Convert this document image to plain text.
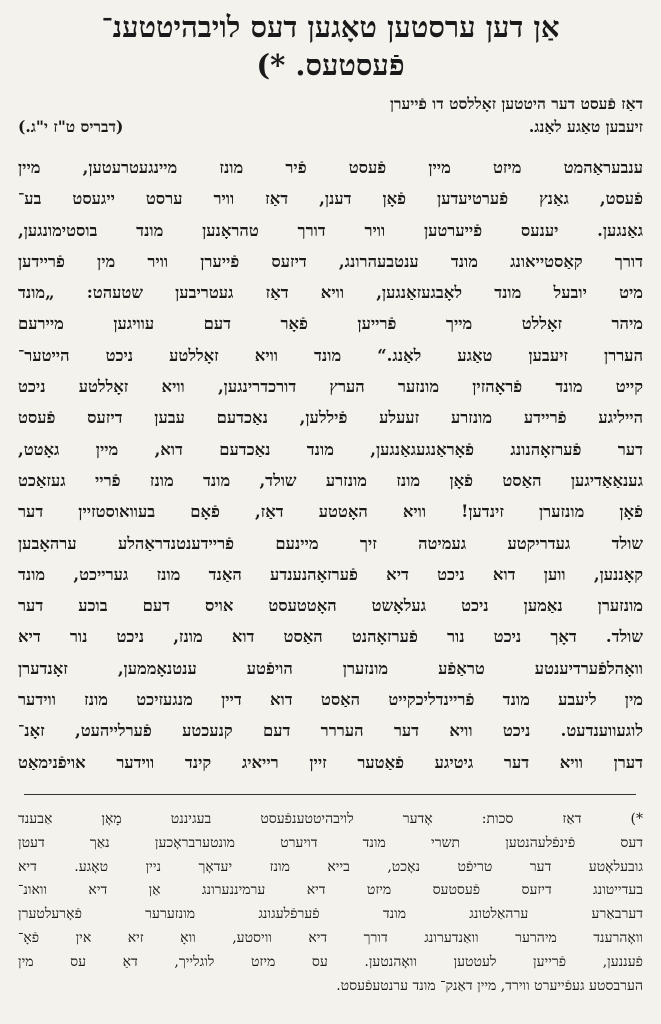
אַן דען ערסטען טאָגען דעס לויבהיטטענ־
פֿעסטעס. *)
דאַז פֿעסט דער היטטען זאָללסט דו פֿייערן
זיעבען טאַגע לאַנג.
(דבריס ט"ז י"ג.)
ענבעראַהמט מיזט מיין פֿעסט פֿיר מונז מיינגעטרעטען, מיין
פֿעסט, גאַנץ פֿערטיעדען פֿאָן דענן, דאַז וויר ערסט ייגעסט בע־
גאַנגען. יענעס פֿייערטען וויר דורך טהראָנען מונד בוסטימונגען,
דורך קאַסטייאונג מונד ענטבעהרונג, דיזעס פֿייערן וויר מין פֿריידען
מיט יובעל מונד לאָבגעזאַנגען, וויא דאַז געטריבען שטעהט: „מונד
מיהר זאָללט מייך פֿרייען פֿאָר דעם עוויגען מיירעם
העררן זיעבען טאַגע לאַנג.“ מונד וויא זאָללטע ניכט הייטער־
קייט מונד פֿראָהזין מונזער הערץ דורכדרינגען, וויא זאָללטע ניכט
הייליגע פֿריידע מונזרע זעעלע פֿיללען, נאַכדעם עבען דיזעס פֿעסט
דער פֿערזאָהנונג פֿאָראַנגעגאַנגען, מונד נאַכדעם דוא, מיין גאָטט,
גענאַאַדיגען האַסט פֿאָן מונז מונזרע שולד, מונד מונז פֿריי געזאַכט
פֿאָן מונזערן זינדען! וויא האָטטע דאַז, פֿאָם בעוואוסטזיין דער
שולד געדריקטע געמיטה זיך מיינעם פֿריידענטנדראַהלע ערהאָבען
קאָננען, ווען דוא ניכט דיא פֿערזאָהנענדע האַנד מונז גערייכט, מונד
מונזערן נאַמען ניכט געלאָשט האָטטעסט אויס דעם בוכע דער
שולד. דאָך ניכט נור פֿערזאָהנט האַסט דוא מונז, ניכט נור דיא
וואָהלפֿערדיענטע טראַפֿע מונזערן הויפֿטע ענטנאָממען, זאָנדערן
מין ליעבע מונד פֿריינדליכקייט האַסט דוא דיין מנגעזיכט מונז ווידער
לוגעווענדעט. ניכט וויא דער העררר דעם קנעכטע פֿערלייהעט, זאָנ־
דערן וויא דער גיטיגע פֿאַטער זיין רייאיג קינד ווידער אויפֿנימאַט
*) דאַז סכות: אָדער לויבהיטטענפֿעסט בעגיננט מָאָן אַבענד
דעס פֿינפֿלעהנטען תשרי מונד דויערט מונטערבראָכען נאַך דעטן
גובעלאָטע דער טריפֿט נאָכט, בייא מונז יעדאָך ניין טאָגע. דיא
בעדייטונג דיזעס פֿעסטעס מיזט דיא ערמיננערונג אַן דיא וואונ־
דערבאַרע ערהאַלטונג מונד פֿערפֿלעגונג מונזערער פֿאָרעלטערן
וואָהרענד מיהרער וואַנדערונג דורך דיא וויסטע, וואָ זיא אין פֿאָ־
פֿעננען, פֿרייען לעטטען וואָהנטען. עס מיזט לוגלייך, דאַ עס מין
הערבסטע געפֿייערט ווירד, מיין דאַנק־ מונד ערנטעפֿעסט.
